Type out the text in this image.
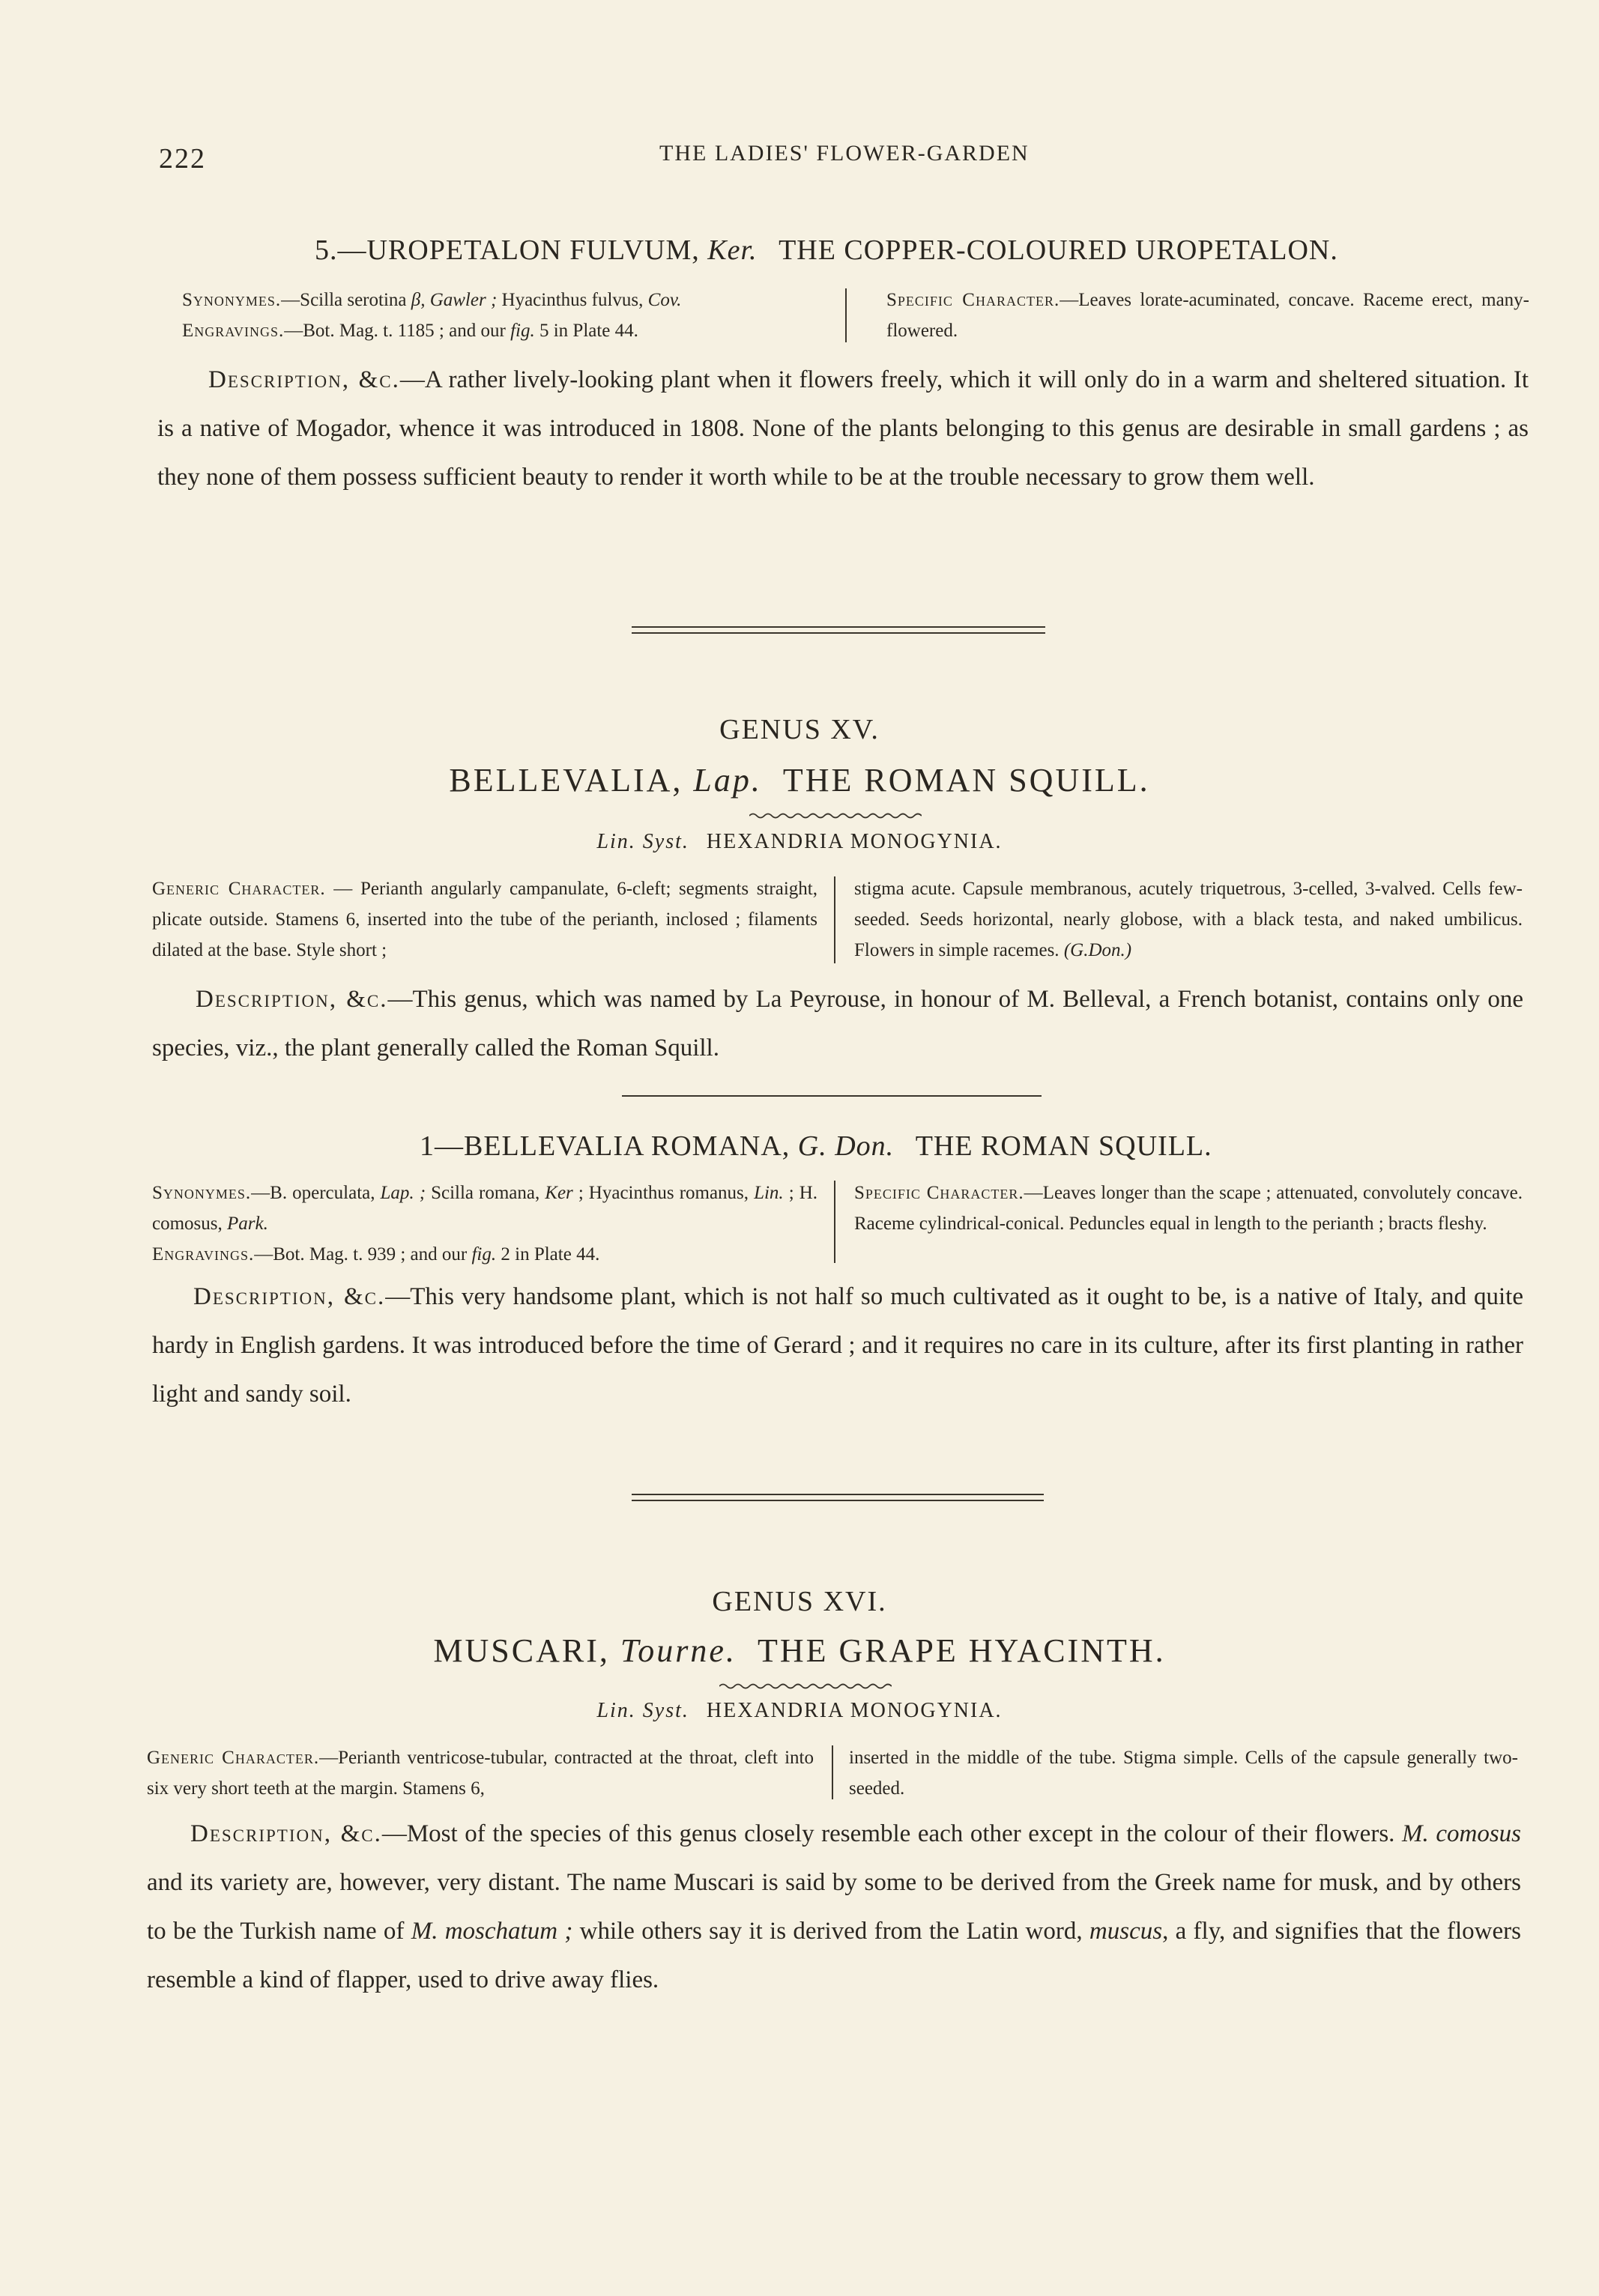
222	THE LADIES' FLOWER-GARDEN
5.—UROPETALON FULVUM, Ker. THE COPPER-COLOURED UROPETALON.
Synonymes.—Scilla serotina β, Gawler ; Hyacinthus fulvus, Cov.
Engravings.—Bot. Mag. t. 1185 ; and our fig. 5 in Plate 44.
Specific Character.—Leaves lorate-acuminated, concave. Raceme erect, many-flowered.
Description, &c.—A rather lively-looking plant when it flowers freely, which it will only do in a warm and sheltered situation. It is a native of Mogador, whence it was introduced in 1808. None of the plants belonging to this genus are desirable in small gardens ; as they none of them possess sufficient beauty to render it worth while to be at the trouble necessary to grow them well.
GENUS XV.
BELLEVALIA, Lap. THE ROMAN SQUILL.
Lin. Syst. HEXANDRIA MONOGYNIA.
Generic Character. — Perianth angularly campanulate, 6-cleft; segments straight, plicate outside. Stamens 6, inserted into the tube of the perianth, inclosed ; filaments dilated at the base. Style short ;
stigma acute. Capsule membranous, acutely triquetrous, 3-celled, 3-valved. Cells few-seeded. Seeds horizontal, nearly globose, with a black testa, and naked umbilicus. Flowers in simple racemes. (G.Don.)
Description, &c.—This genus, which was named by La Peyrouse, in honour of M. Belleval, a French botanist, contains only one species, viz., the plant generally called the Roman Squill.
1—BELLEVALIA ROMANA, G. Don. THE ROMAN SQUILL.
Synonymes.—B. operculata, Lap. ; Scilla romana, Ker ; Hyacinthus romanus, Lin. ; H. comosus, Park.
Engravings.—Bot. Mag. t. 939 ; and our fig. 2 in Plate 44.
Specific Character.—Leaves longer than the scape ; attenuated, convolutely concave. Raceme cylindrical-conical. Peduncles equal in length to the perianth ; bracts fleshy.
Description, &c.—This very handsome plant, which is not half so much cultivated as it ought to be, is a native of Italy, and quite hardy in English gardens. It was introduced before the time of Gerard ; and it requires no care in its culture, after its first planting in rather light and sandy soil.
GENUS XVI.
MUSCARI, Tourne. THE GRAPE HYACINTH.
Lin. Syst. HEXANDRIA MONOGYNIA.
Generic Character.—Perianth ventricose-tubular, contracted at the throat, cleft into six very short teeth at the margin. Stamens 6,
inserted in the middle of the tube. Stigma simple. Cells of the capsule generally two-seeded.
Description, &c.—Most of the species of this genus closely resemble each other except in the colour of their flowers. M. comosus and its variety are, however, very distant. The name Muscari is said by some to be derived from the Greek name for musk, and by others to be the Turkish name of M. moschatum ; while others say it is derived from the Latin word, muscus, a fly, and signifies that the flowers resemble a kind of flapper, used to drive away flies.
